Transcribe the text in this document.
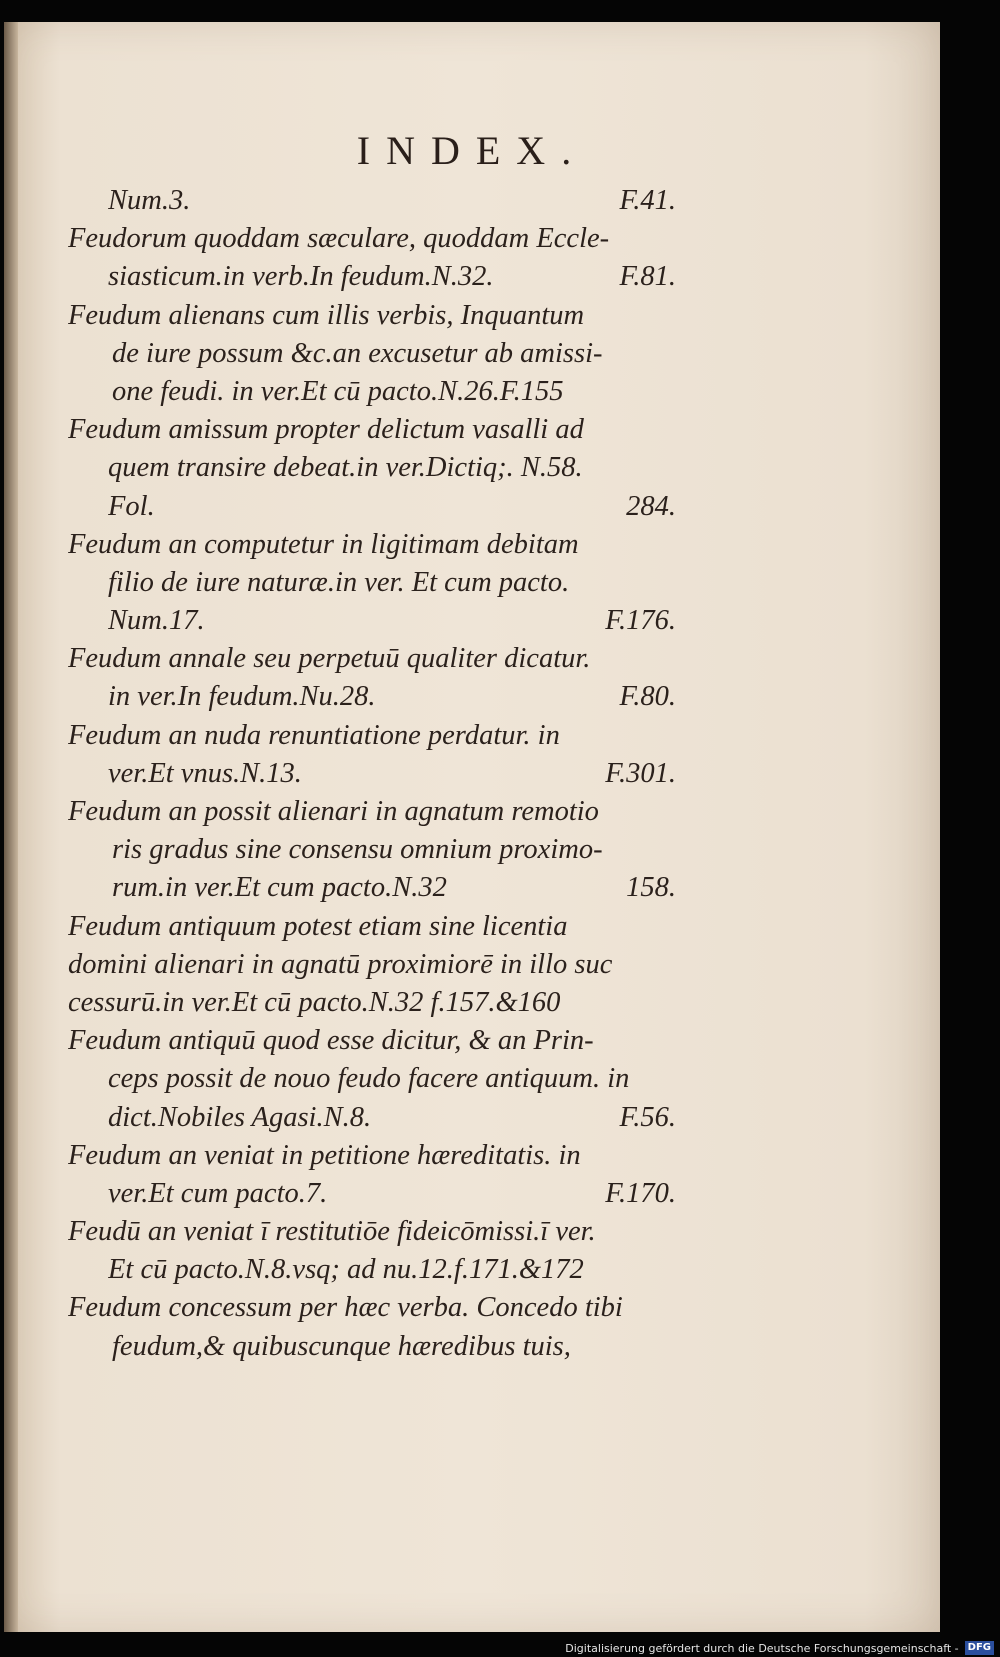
INDEX.
Num.3.	F.41.
Feudorum quoddam sæculare, quoddam Eccle-
siasticum.in verb.In feudum.N.32.	F.81.
Feudum alienans cum illis verbis, Inquantum
de iure possum &c.an excusetur ab amissi-
one feudi. in ver.Et cū pacto.N.26.F.155
Feudum amissum propter delictum vasalli ad
quem transire debeat.in ver.Dictiq;. N.58.
Fol.	284.
Feudum an computetur in ligitimam debitam
filio de iure naturæ.in ver. Et cum pacto.
Num.17.	F.176.
Feudum annale seu perpetuū qualiter dicatur.
in ver.In feudum.Nu.28.	F.80.
Feudum an nuda renuntiatione perdatur. in
ver.Et vnus.N.13.	F.301.
Feudum an possit alienari in agnatum remotio
ris gradus sine consensu omnium proximo-
rum.in ver.Et cum pacto.N.32	158.
Feudum antiquum potest etiam sine licentia
domini alienari in agnatū proximiorē in illo suc
cessurū.in ver.Et cū pacto.N.32 f.157.&160
Feudum antiquū quod esse dicitur, & an Prin-
ceps possit de nouo feudo facere antiquum. in
dict.Nobiles Agasi.N.8.	F.56.
Feudum an veniat in petitione hæreditatis. in
ver.Et cum pacto.7.	F.170.
Feudū an veniat ī restitutiōe fideicōmissi.ī ver.
Et cū pacto.N.8.vsq; ad nu.12.f.171.&172
Feudum concessum per hæc verba. Concedo tibi
feudum,& quibuscunque hæredibus tuis,
Digitalisierung gefördert durch die Deutsche Forschungsgemeinschaft - DFG
